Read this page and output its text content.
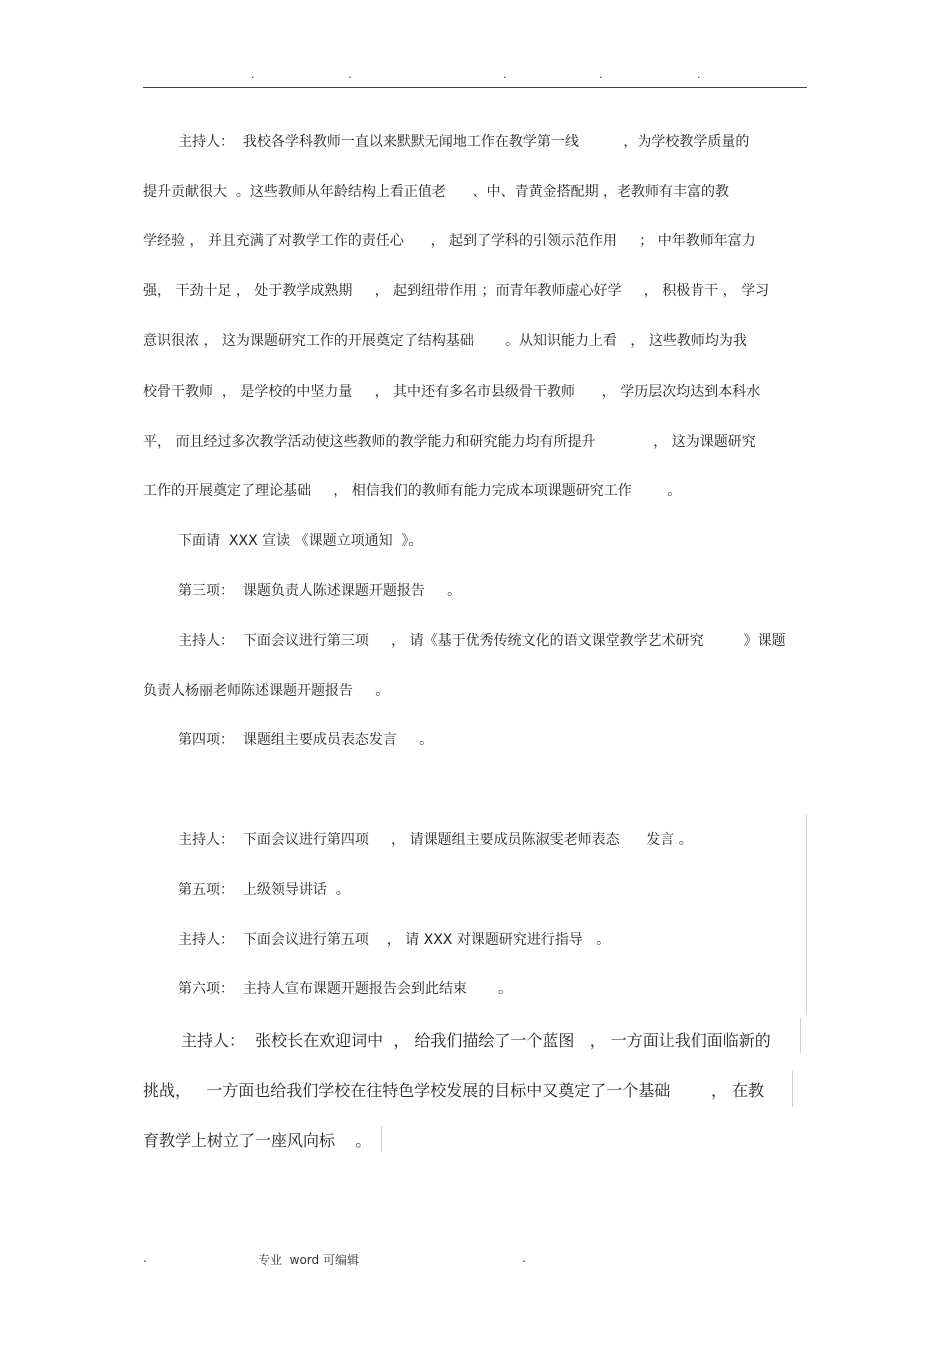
.	.	.	.	.
主持人：  我校各学科教师一直以来默默无闻地工作在教学第一线          ，为学校教学质量的
提升贡献很大  。这些教师从年龄结构上看正值老      、中、青黄金搭配期 ，老教师有丰富的教
学经验 ， 并且充满了对教学工作的责任心      ， 起到了学科的引领示范作用     ； 中年教师年富力
强， 干劲十足 ， 处于教学成熟期     ， 起到纽带作用 ；而青年教师虚心好学     ， 积极肯干 ， 学习
意识很浓 ， 这为课题研究工作的开展奠定了结构基础       。从知识能力上看   ， 这些教师均为我
校骨干教师  ， 是学校的中坚力量     ， 其中还有多名市县级骨干教师      ， 学历层次均达到本科水
平， 而且经过多次教学活动使这些教师的教学能力和研究能力均有所提升             ， 这为课题研究
工作的开展奠定了理论基础     ， 相信我们的教师有能力完成本项课题研究工作        。
下面请  XXX 宣读 《课题立项通知  》。
第三项：  课题负责人陈述课题开题报告     。
主持人：  下面会议进行第三项     ， 请《基于优秀传统文化的语文课堂教学艺术研究         》课题
负责人杨丽老师陈述课题开题报告     。
第四项：  课题组主要成员表态发言     。
主持人：  下面会议进行第四项     ， 请课题组主要成员陈淑雯老师表态      发言 。
第五项：  上级领导讲话  。
主持人：  下面会议进行第五项    ， 请 XXX 对课题研究进行指导   。
第六项：  主持人宣布课题开题报告会到此结束       。
主持人：  张校长在欢迎词中  ， 给我们描绘了一个蓝图   ， 一方面让我们面临新的
挑战，   一方面也给我们学校在往特色学校发展的目标中又奠定了一个基础        ， 在教
育教学上树立了一座风向标    。
.	专业  word 可编辑	.
